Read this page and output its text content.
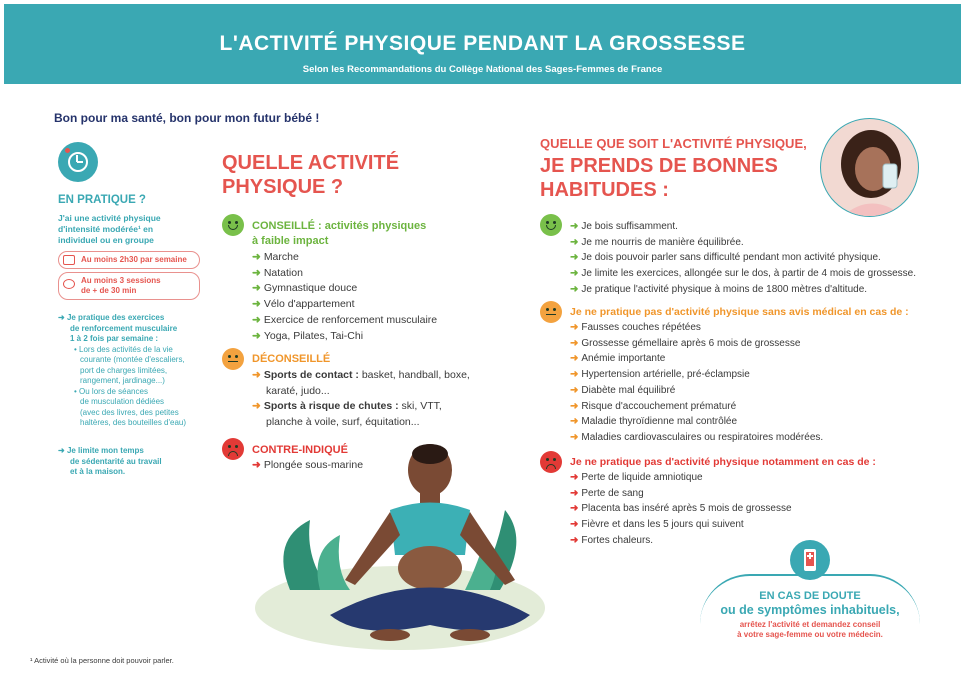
L'ACTIVITÉ PHYSIQUE PENDANT LA GROSSESSE
Selon les Recommandations du Collège National des Sages-Femmes de France
Bon pour ma santé, bon pour mon futur bébé !
EN PRATIQUE ?
J'ai une activité physique
d'intensité modérée¹ en
individuel ou en groupe
Au moins 2h30 par semaine
Au moins 3 sessions
de + de 30 min
➜ Je pratique des exercices
de renforcement musculaire
1 à 2 fois par semaine :
• Lors des activités de la vie
courante (montée d'escaliers,
port de charges limitées,
rangement, jardinage...)
• Ou lors de séances
de musculation dédiées
(avec des livres, des petites
haltères, des bouteilles d'eau)
➜ Je limite mon temps
de sédentarité au travail
et à la maison.
¹ Activité où la personne doit pouvoir parler.
QUELLE ACTIVITÉ
PHYSIQUE ?
CONSEILLÉ : activités physiques
à faible impact
➜ Marche
➜ Natation
➜ Gymnastique douce
➜ Vélo d'appartement
➜ Exercice de renforcement musculaire
➜ Yoga, Pilates, Tai-Chi
DÉCONSEILLÉ
➜ Sports de contact : basket, handball, boxe,
karaté, judo...
➜ Sports à risque de chutes : ski, VTT,
planche à voile, surf, équitation...
CONTRE-INDIQUÉ
➜ Plongée sous-marine
QUELLE QUE SOIT L'ACTIVITÉ PHYSIQUE,
JE PRENDS DE BONNES
HABITUDES :
➜ Je bois suffisamment.
➜ Je me nourris de manière équilibrée.
➜ Je dois pouvoir parler sans difficulté pendant mon activité physique.
➜ Je limite les exercices, allongée sur le dos, à partir de 4 mois de grossesse.
➜ Je pratique l'activité physique à moins de 1800 mètres d'altitude.
Je ne pratique pas d'activité physique sans avis médical en cas de :
➜ Fausses couches répétées
➜ Grossesse gémellaire après 6 mois de grossesse
➜ Anémie importante
➜ Hypertension artérielle, pré-éclampsie
➜ Diabète mal équilibré
➜ Risque d'accouchement prématuré
➜ Maladie thyroïdienne mal contrôlée
➜ Maladies cardiovasculaires ou respiratoires modérées.
Je ne pratique pas d'activité physique notamment en cas de :
➜ Perte de liquide amniotique
➜ Perte de sang
➜ Placenta bas inséré après 5 mois de grossesse
➜ Fièvre et dans les 5 jours qui suivent
➜ Fortes chaleurs.
EN CAS DE DOUTE
ou de symptômes inhabituels,
arrêtez l'activité et demandez conseil
à votre sage-femme ou votre médecin.
